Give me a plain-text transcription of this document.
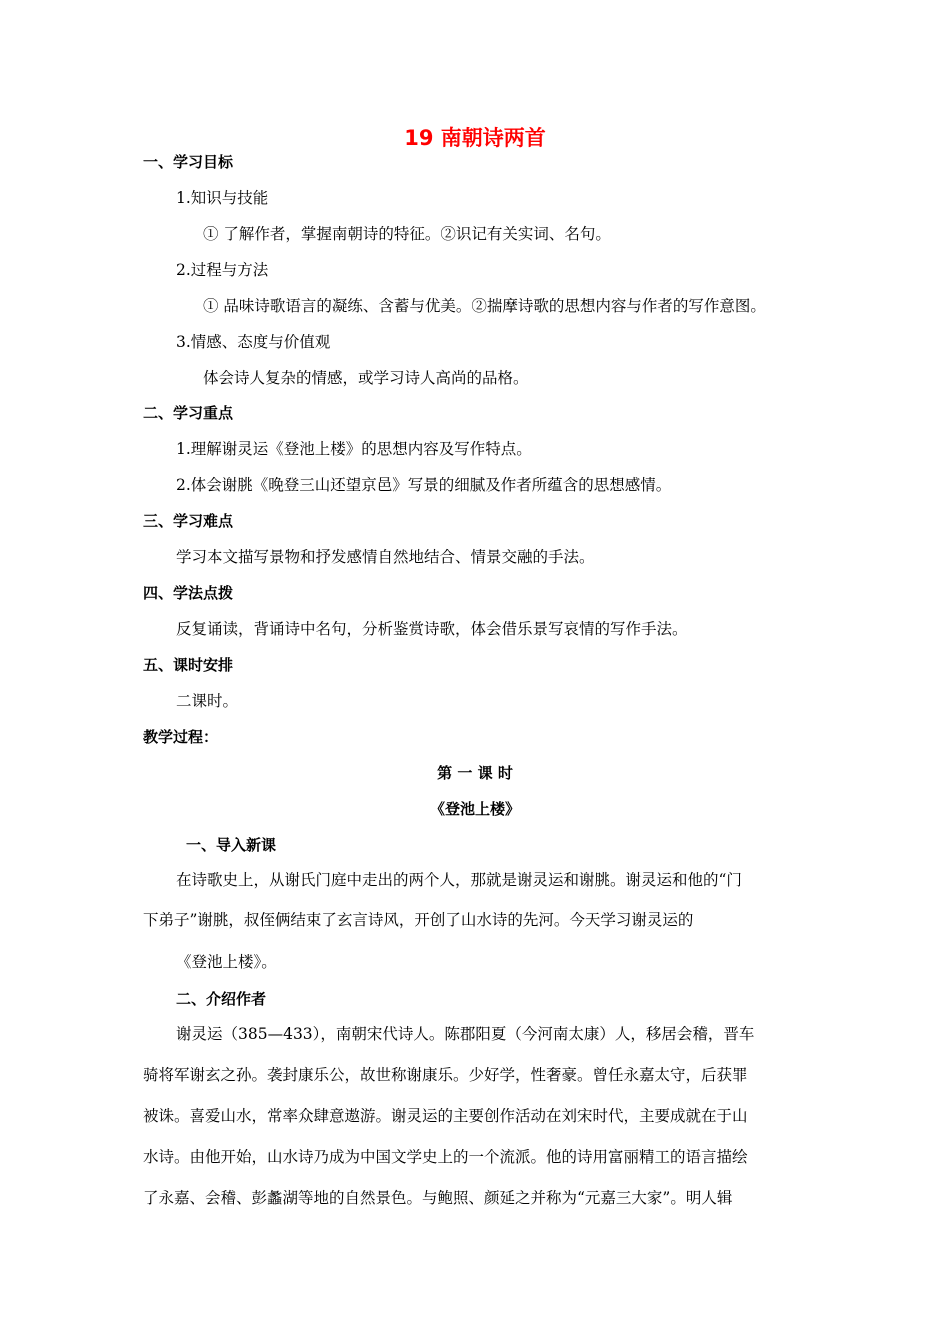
19 南朝诗两首
一、学习目标
1.知识与技能
① 了解作者，掌握南朝诗的特征。②识记有关实词、名句。
2.过程与方法
① 品味诗歌语言的凝练、含蓄与优美。②揣摩诗歌的思想内容与作者的写作意图。
3.情感、态度与价值观
体会诗人复杂的情感，或学习诗人高尚的品格。
二、学习重点
1.理解谢灵运《登池上楼》的思想内容及写作特点。
2.体会谢朓《晚登三山还望京邑》写景的细腻及作者所蕴含的思想感情。
三、学习难点
学习本文描写景物和抒发感情自然地结合、情景交融的手法。
四、学法点拨
反复诵读，背诵诗中名句，分析鉴赏诗歌，体会借乐景写哀情的写作手法。
五、课时安排
二课时。
教学过程：
第 一 课 时
《登池上楼》
一、导入新课
在诗歌史上，从谢氏门庭中走出的两个人，那就是谢灵运和谢朓。谢灵运和他的“门
下弟子”谢朓，叔侄俩结束了玄言诗风，开创了山水诗的先河。今天学习谢灵运的
《登池上楼》。
二、介绍作者
谢灵运（385—433），南朝宋代诗人。陈郡阳夏（今河南太康）人，移居会稽，晋车
骑将军谢玄之孙。袭封康乐公，故世称谢康乐。少好学，性奢豪。曾任永嘉太守，后获罪
被诛。喜爱山水，常率众肆意遨游。谢灵运的主要创作活动在刘宋时代，主要成就在于山
水诗。由他开始，山水诗乃成为中国文学史上的一个流派。他的诗用富丽精工的语言描绘
了永嘉、会稽、彭蠡湖等地的自然景色。与鲍照、颜延之并称为“元嘉三大家”。明人辑
